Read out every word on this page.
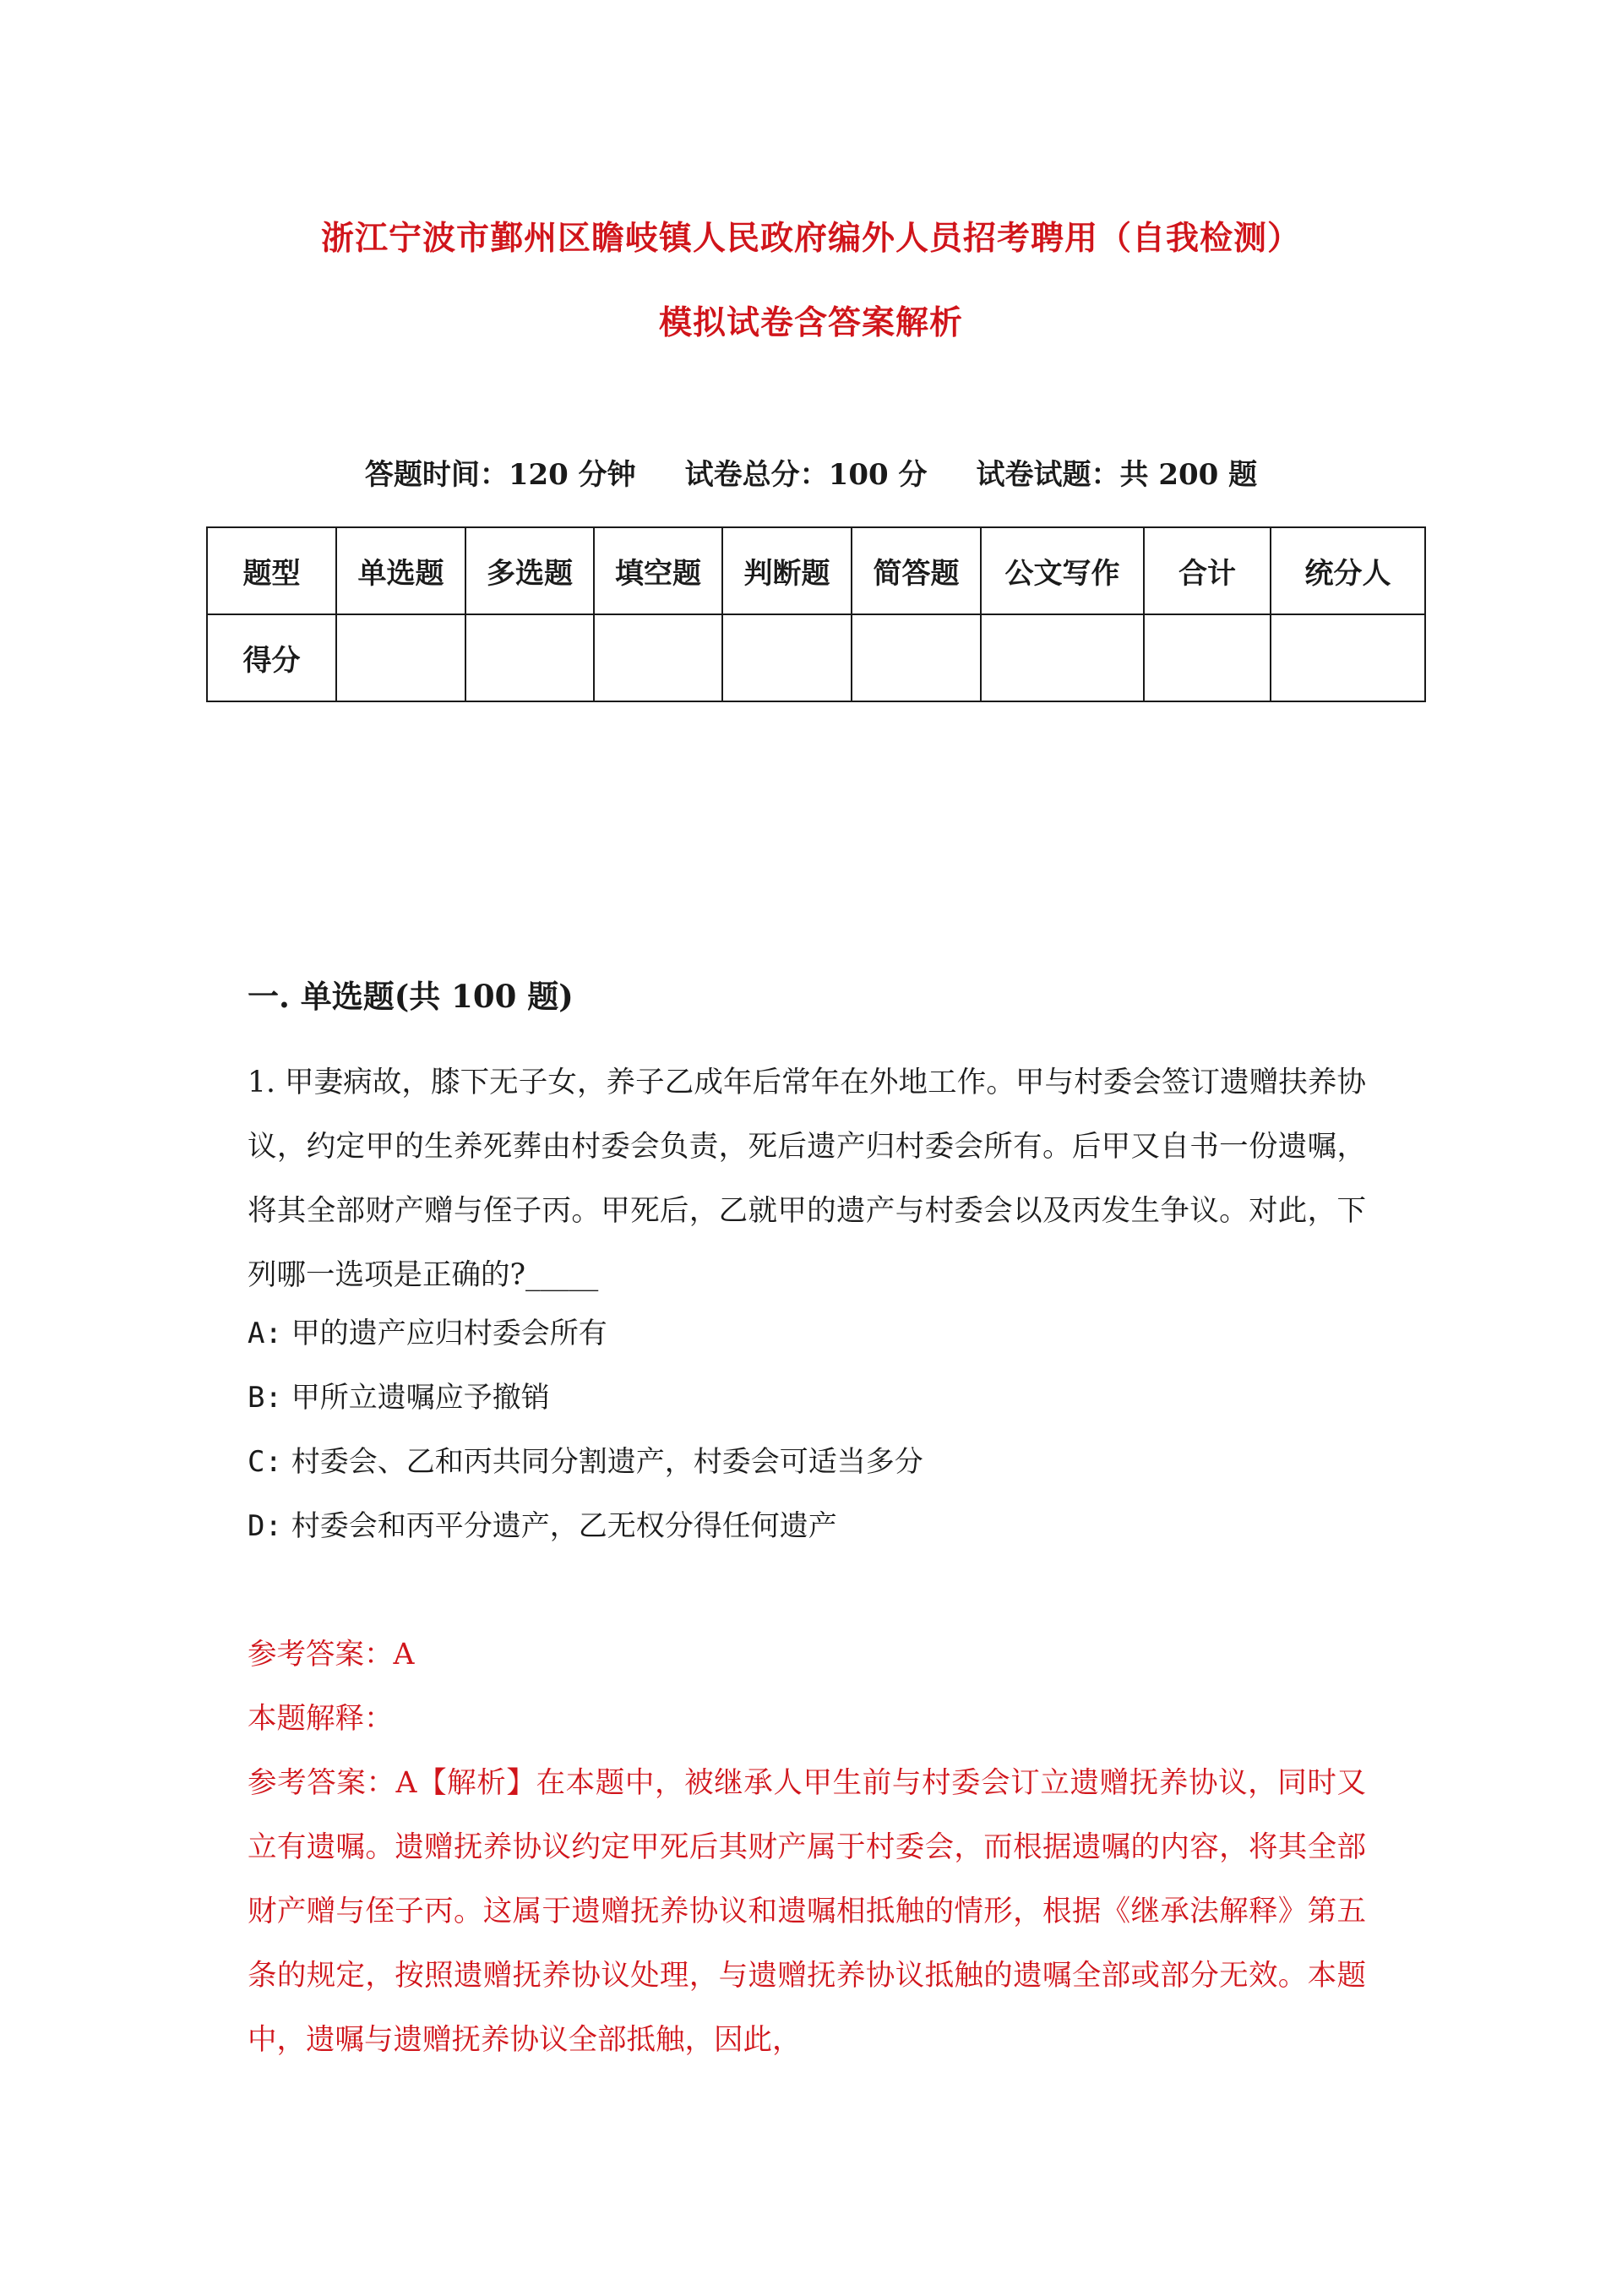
浙江宁波市鄞州区瞻岐镇人民政府编外人员招考聘用（自我检测）
模拟试卷含答案解析
答题时间：120 分钟 试卷总分：100 分 试卷试题：共 200 题
题型	单选题	多选题	填空题	判断题	简答题	公文写作	合计	统分人
得分								
一. 单选题(共 100 题)
1. 甲妻病故，膝下无子女，养子乙成年后常年在外地工作。甲与村委会签订遗赠扶养协议，约定甲的生养死葬由村委会负责，死后遗产归村委会所有。后甲又自书一份遗嘱，将其全部财产赠与侄子丙。甲死后，乙就甲的遗产与村委会以及丙发生争议。对此，下列哪一选项是正确的?_____
A: 甲的遗产应归村委会所有
B: 甲所立遗嘱应予撤销
C: 村委会、乙和丙共同分割遗产，村委会可适当多分
D: 村委会和丙平分遗产，乙无权分得任何遗产
参考答案：A
本题解释：
参考答案：A【解析】在本题中，被继承人甲生前与村委会订立遗赠抚养协议，同时又立有遗嘱。遗赠抚养协议约定甲死后其财产属于村委会，而根据遗嘱的内容，将其全部财产赠与侄子丙。这属于遗赠抚养协议和遗嘱相抵触的情形，根据《继承法解释》第五条的规定，按照遗赠抚养协议处理，与遗赠抚养协议抵触的遗嘱全部或部分无效。本题中，遗嘱与遗赠抚养协议全部抵触，因此，
